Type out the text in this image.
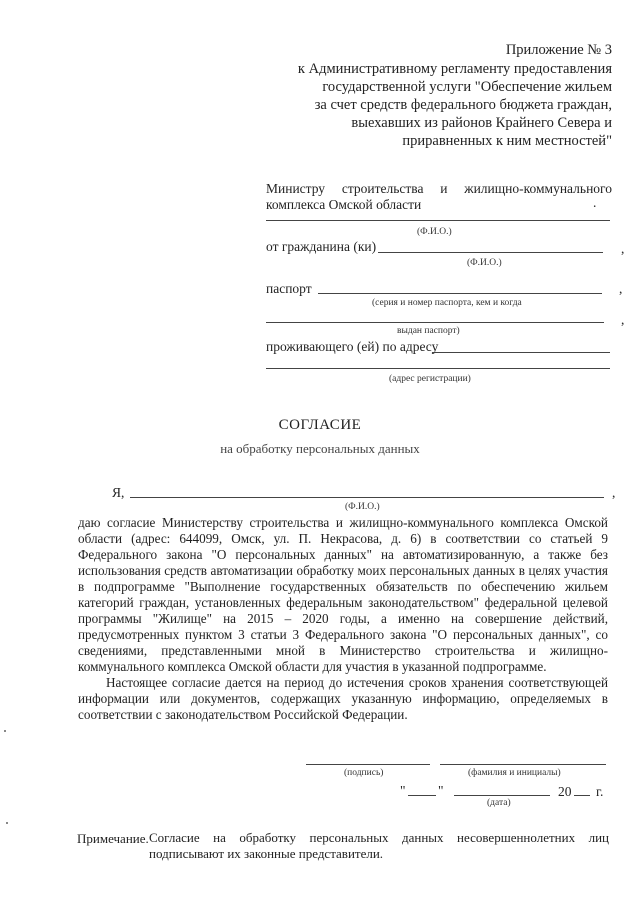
Приложение № 3
к Административному регламенту предоставления
государственной услуги "Обеспечение жильем
за счет средств федерального бюджета граждан,
выехавших из районов Крайнего Севера и
приравненных к ним местностей"
Министру строительства и жилищно-коммунального
комплекса Омской области	.
(Ф.И.О.)
от гражданина (ки)	,
(Ф.И.О.)
паспорт	,
(серия и номер паспорта, кем и когда
,
выдан паспорт)
проживающего (ей) по адресу
(адрес регистрации)
СОГЛАСИЕ
на обработку персональных данных
Я,	,
(Ф.И.О.)
даю согласие Министерству строительства и жилищно-коммунального комплекса Омской области (адрес: 644099, Омск, ул. П. Некрасова, д. 6) в соответствии со статьей 9 Федерального закона "О персональных данных" на автоматизированную, а также без использования средств автоматизации обработку моих персональных данных в целях участия в подпрограмме "Выполнение государственных обязательств по обеспечению жильем категорий граждан, установленных федеральным законодательством" федеральной целевой программы "Жилище" на 2015 – 2020 годы, а именно на совершение действий, предусмотренных пунктом 3 статьи 3 Федерального закона "О персональных данных", со сведениями, представленными мной в Министерство строительства и жилищно-коммунального комплекса Омской области для участия в указанной подпрограмме.
Настоящее согласие дается на период до истечения сроков хранения соответствующей информации или документов, содержащих указанную информацию, определяемых в соответствии с законодательством Российской Федерации.
(подпись)	(фамилия и инициалы)
" "	20 г.
(дата)
Примечание. Согласие на обработку персональных данных несовершеннолетних лиц подписывают их законные представители.
